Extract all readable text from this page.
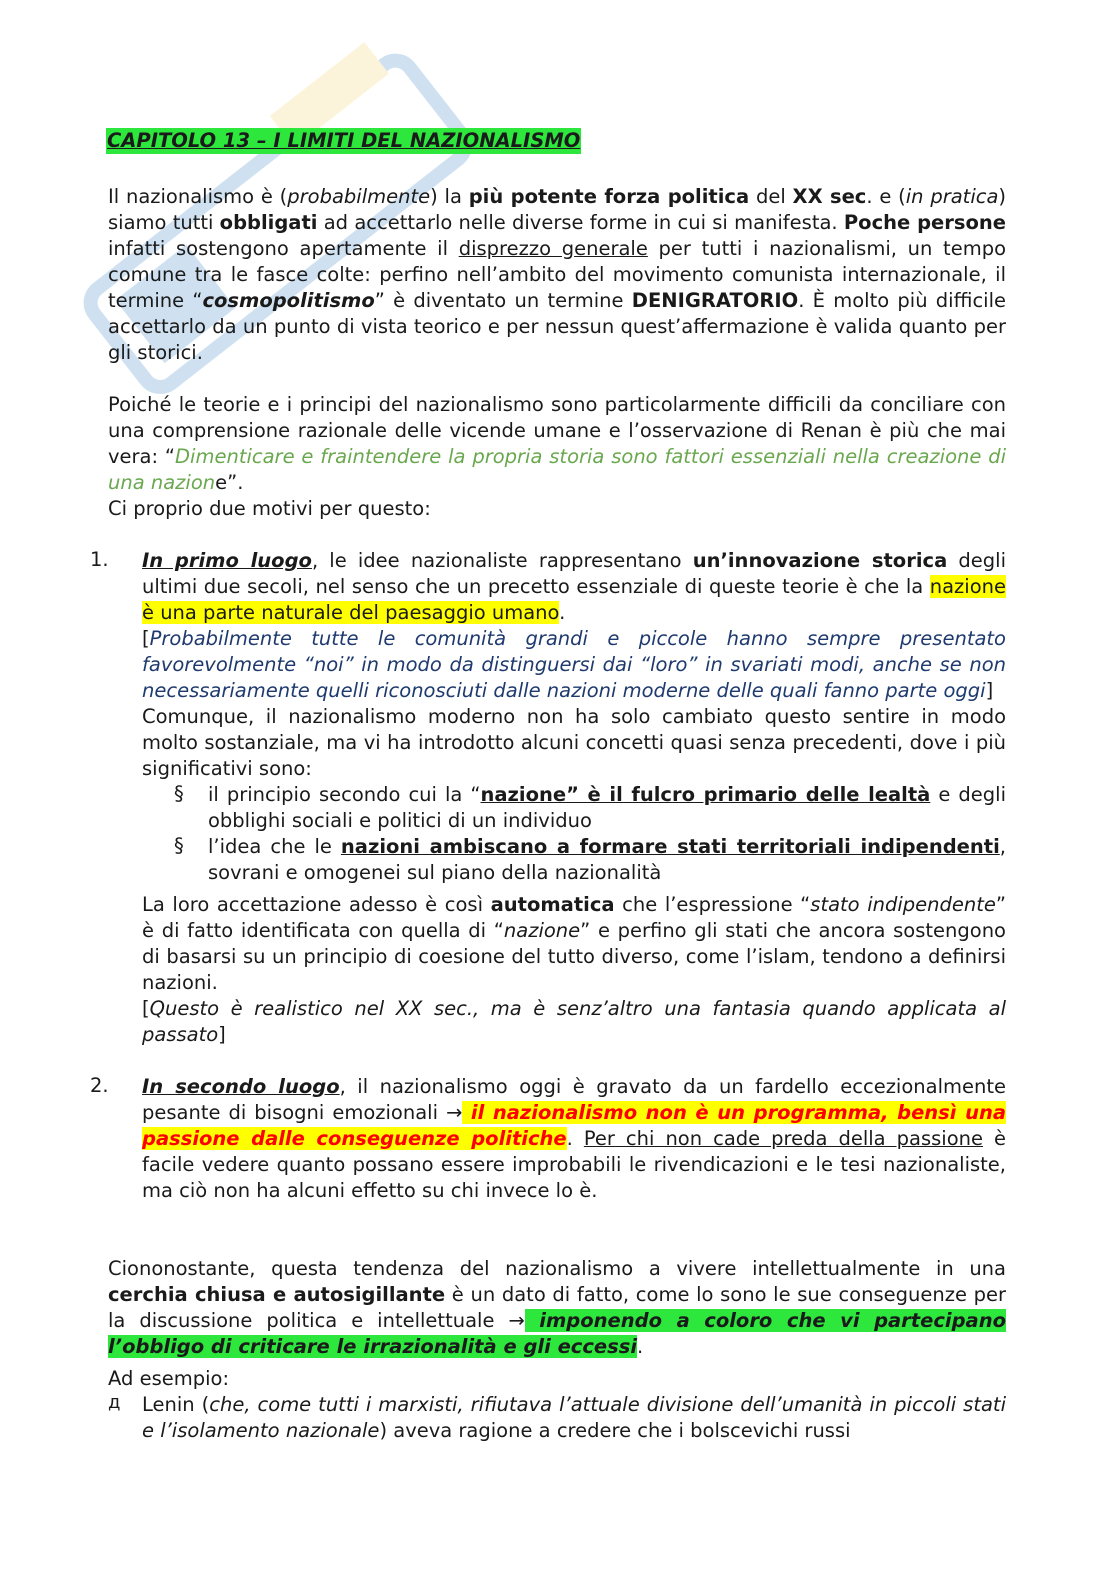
CAPITOLO 13 – I LIMITI DEL NAZIONALISMO

Il nazionalismo è (probabilmente) la più potente forza politica del XX sec. e (in pratica) siamo tutti obbligati ad accettarlo nelle diverse forme in cui si manifesta. Poche persone infatti sostengono apertamente il disprezzo generale per tutti i nazionalismi, un tempo comune tra le fasce colte: perfino nell’ambito del movimento comunista internazionale, il termine “cosmopolitismo” è diventato un termine DENIGRATORIO. È molto più difficile accettarlo da un punto di vista teorico e per nessun quest’affermazione è valida quanto per gli storici.

Poiché le teorie e i principi del nazionalismo sono particolarmente difficili da conciliare con una comprensione razionale delle vicende umane e l’osservazione di Renan è più che mai vera: “Dimenticare e fraintendere la propria storia sono fattori essenziali nella creazione di una nazione”.

Ci proprio due motivi per questo:

1. In primo luogo, le idee nazionaliste rappresentano un’innovazione storica degli ultimi due secoli, nel senso che un precetto essenziale di queste teorie è che la nazione è una parte naturale del paesaggio umano.

[Probabilmente tutte le comunità grandi e piccole hanno sempre presentato favorevolmente “noi” in modo da distinguersi dai “loro” in svariati modi, anche se non necessariamente quelli riconosciuti dalle nazioni moderne delle quali fanno parte oggi]

Comunque, il nazionalismo moderno non ha solo cambiato questo sentire in modo molto sostanziale, ma vi ha introdotto alcuni concetti quasi senza precedenti, dove i più significativi sono:

§ il principio secondo cui la “nazione” è il fulcro primario delle lealtà e degli obblighi sociali e politici di un individuo

§ l’idea che le nazioni ambiscano a formare stati territoriali indipendenti, sovrani e omogenei sul piano della nazionalità

La loro accettazione adesso è così automatica che l’espressione “stato indipendente” è di fatto identificata con quella di “nazione” e perfino gli stati che ancora sostengono di basarsi su un principio di coesione del tutto diverso, come l’islam, tendono a definirsi nazioni.

[Questo è realistico nel XX sec., ma è senz’altro una fantasia quando applicata al passato]

2. In secondo luogo, il nazionalismo oggi è gravato da un fardello eccezionalmente pesante di bisogni emozionali → il nazionalismo non è un programma, bensì una passione dalle conseguenze politiche. Per chi non cade preda della passione è facile vedere quanto possano essere improbabili le rivendicazioni e le tesi nazionaliste, ma ciò non ha alcuni effetto su chi invece lo è.

Ciononostante, questa tendenza del nazionalismo a vivere intellettualmente in una cerchia chiusa e autosigillante è un dato di fatto, come lo sono le sue conseguenze per la discussione politica e intellettuale → imponendo a coloro che vi partecipano l’obbligo di criticare le irrazionalità e gli eccessi.

Ad esempio:

д Lenin (che, come tutti i marxisti, rifiutava l’attuale divisione dell’umanità in piccoli stati e l’isolamento nazionale) aveva ragione a credere che i bolscevichi russi
